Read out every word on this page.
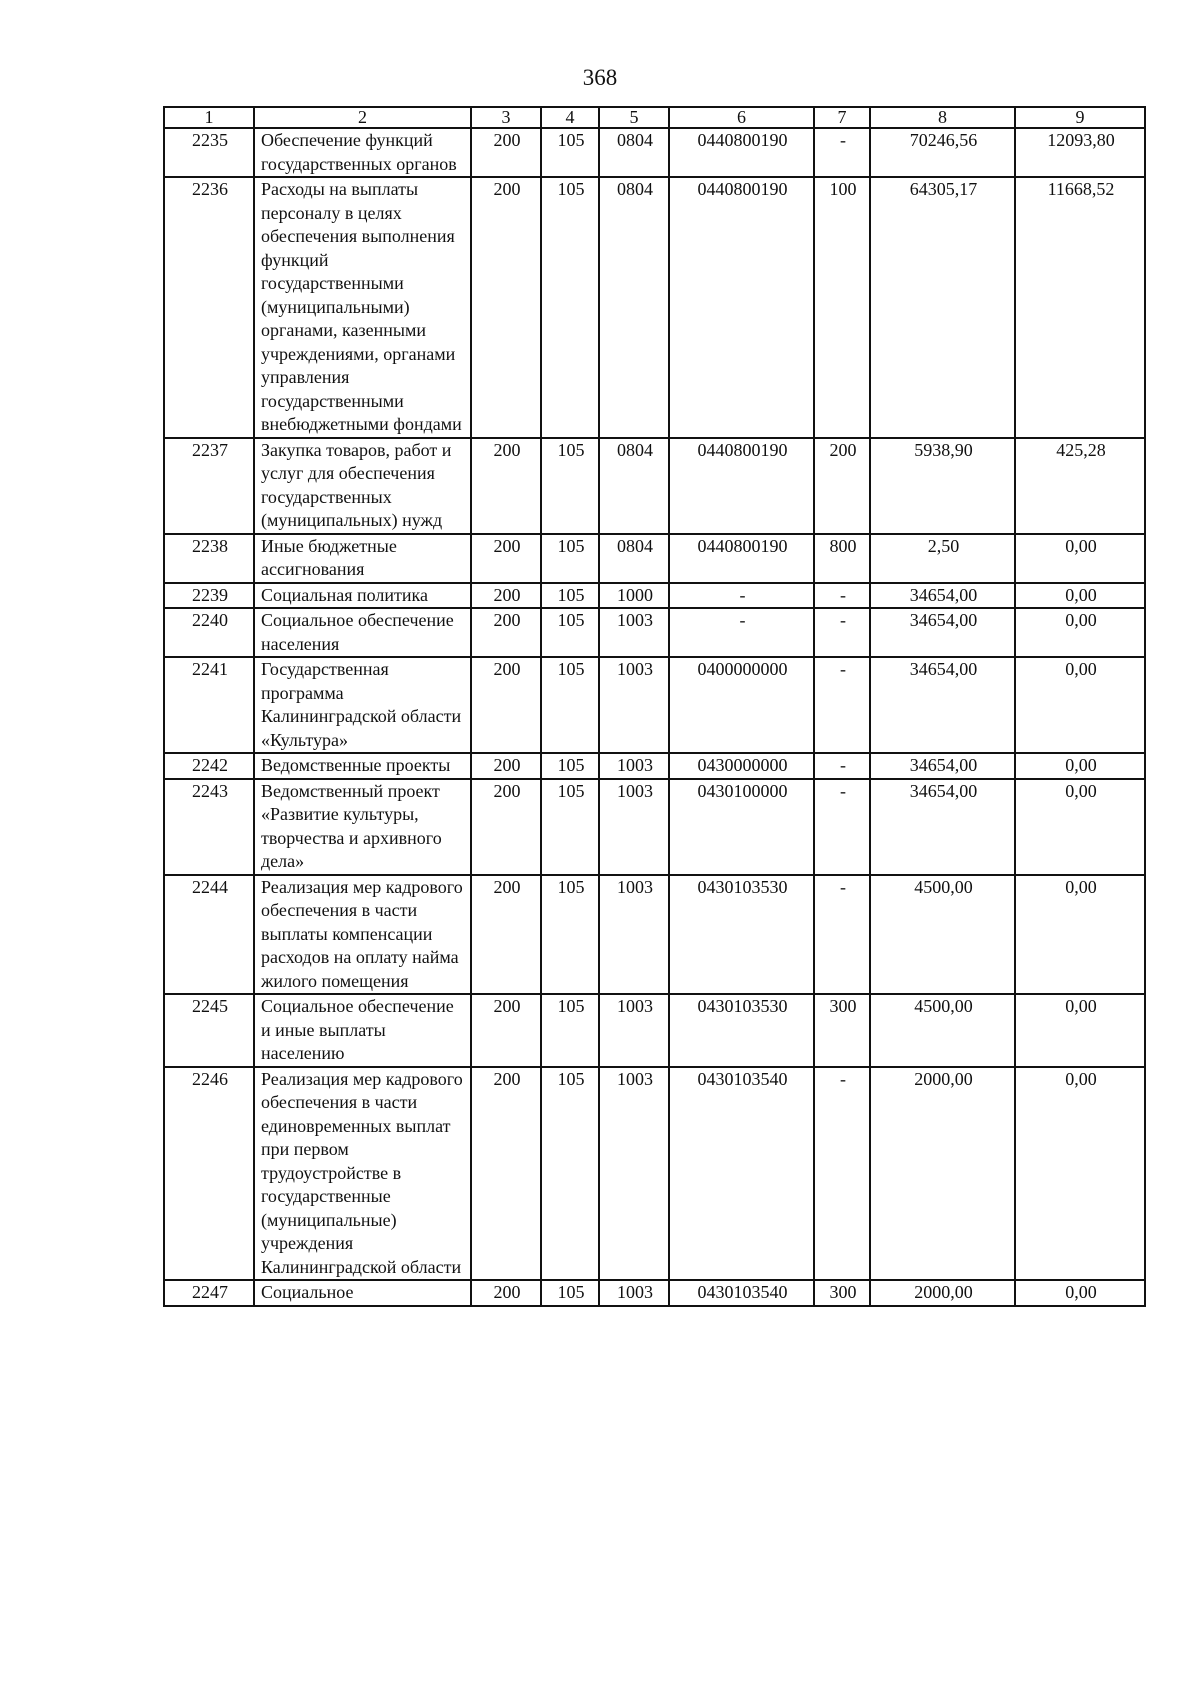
368
1	2	3	4	5	6	7	8	9
2235	Обеспечение функций государственных органов	200	105	0804	0440800190	-	70246,56	12093,80
2236	Расходы на выплаты персоналу в целях обеспечения выполнения функций государственными (муниципальными) органами, казенными учреждениями, органами управления государственными внебюджетными фондами	200	105	0804	0440800190	100	64305,17	11668,52
2237	Закупка товаров, работ и услуг для обеспечения государственных (муниципальных) нужд	200	105	0804	0440800190	200	5938,90	425,28
2238	Иные бюджетные ассигнования	200	105	0804	0440800190	800	2,50	0,00
2239	Социальная политика	200	105	1000	-	-	34654,00	0,00
2240	Социальное обеспечение населения	200	105	1003	-	-	34654,00	0,00
2241	Государственная программа Калининградской области «Культура»	200	105	1003	0400000000	-	34654,00	0,00
2242	Ведомственные проекты	200	105	1003	0430000000	-	34654,00	0,00
2243	Ведомственный проект «Развитие культуры, творчества и архивного дела»	200	105	1003	0430100000	-	34654,00	0,00
2244	Реализация мер кадрового обеспечения в части выплаты компенсации расходов на оплату найма жилого помещения	200	105	1003	0430103530	-	4500,00	0,00
2245	Социальное обеспечение и иные выплаты населению	200	105	1003	0430103530	300	4500,00	0,00
2246	Реализация мер кадрового обеспечения в части единовременных выплат при первом трудоустройстве в государственные (муниципальные) учреждения Калининградской области	200	105	1003	0430103540	-	2000,00	0,00
2247	Социальное	200	105	1003	0430103540	300	2000,00	0,00
